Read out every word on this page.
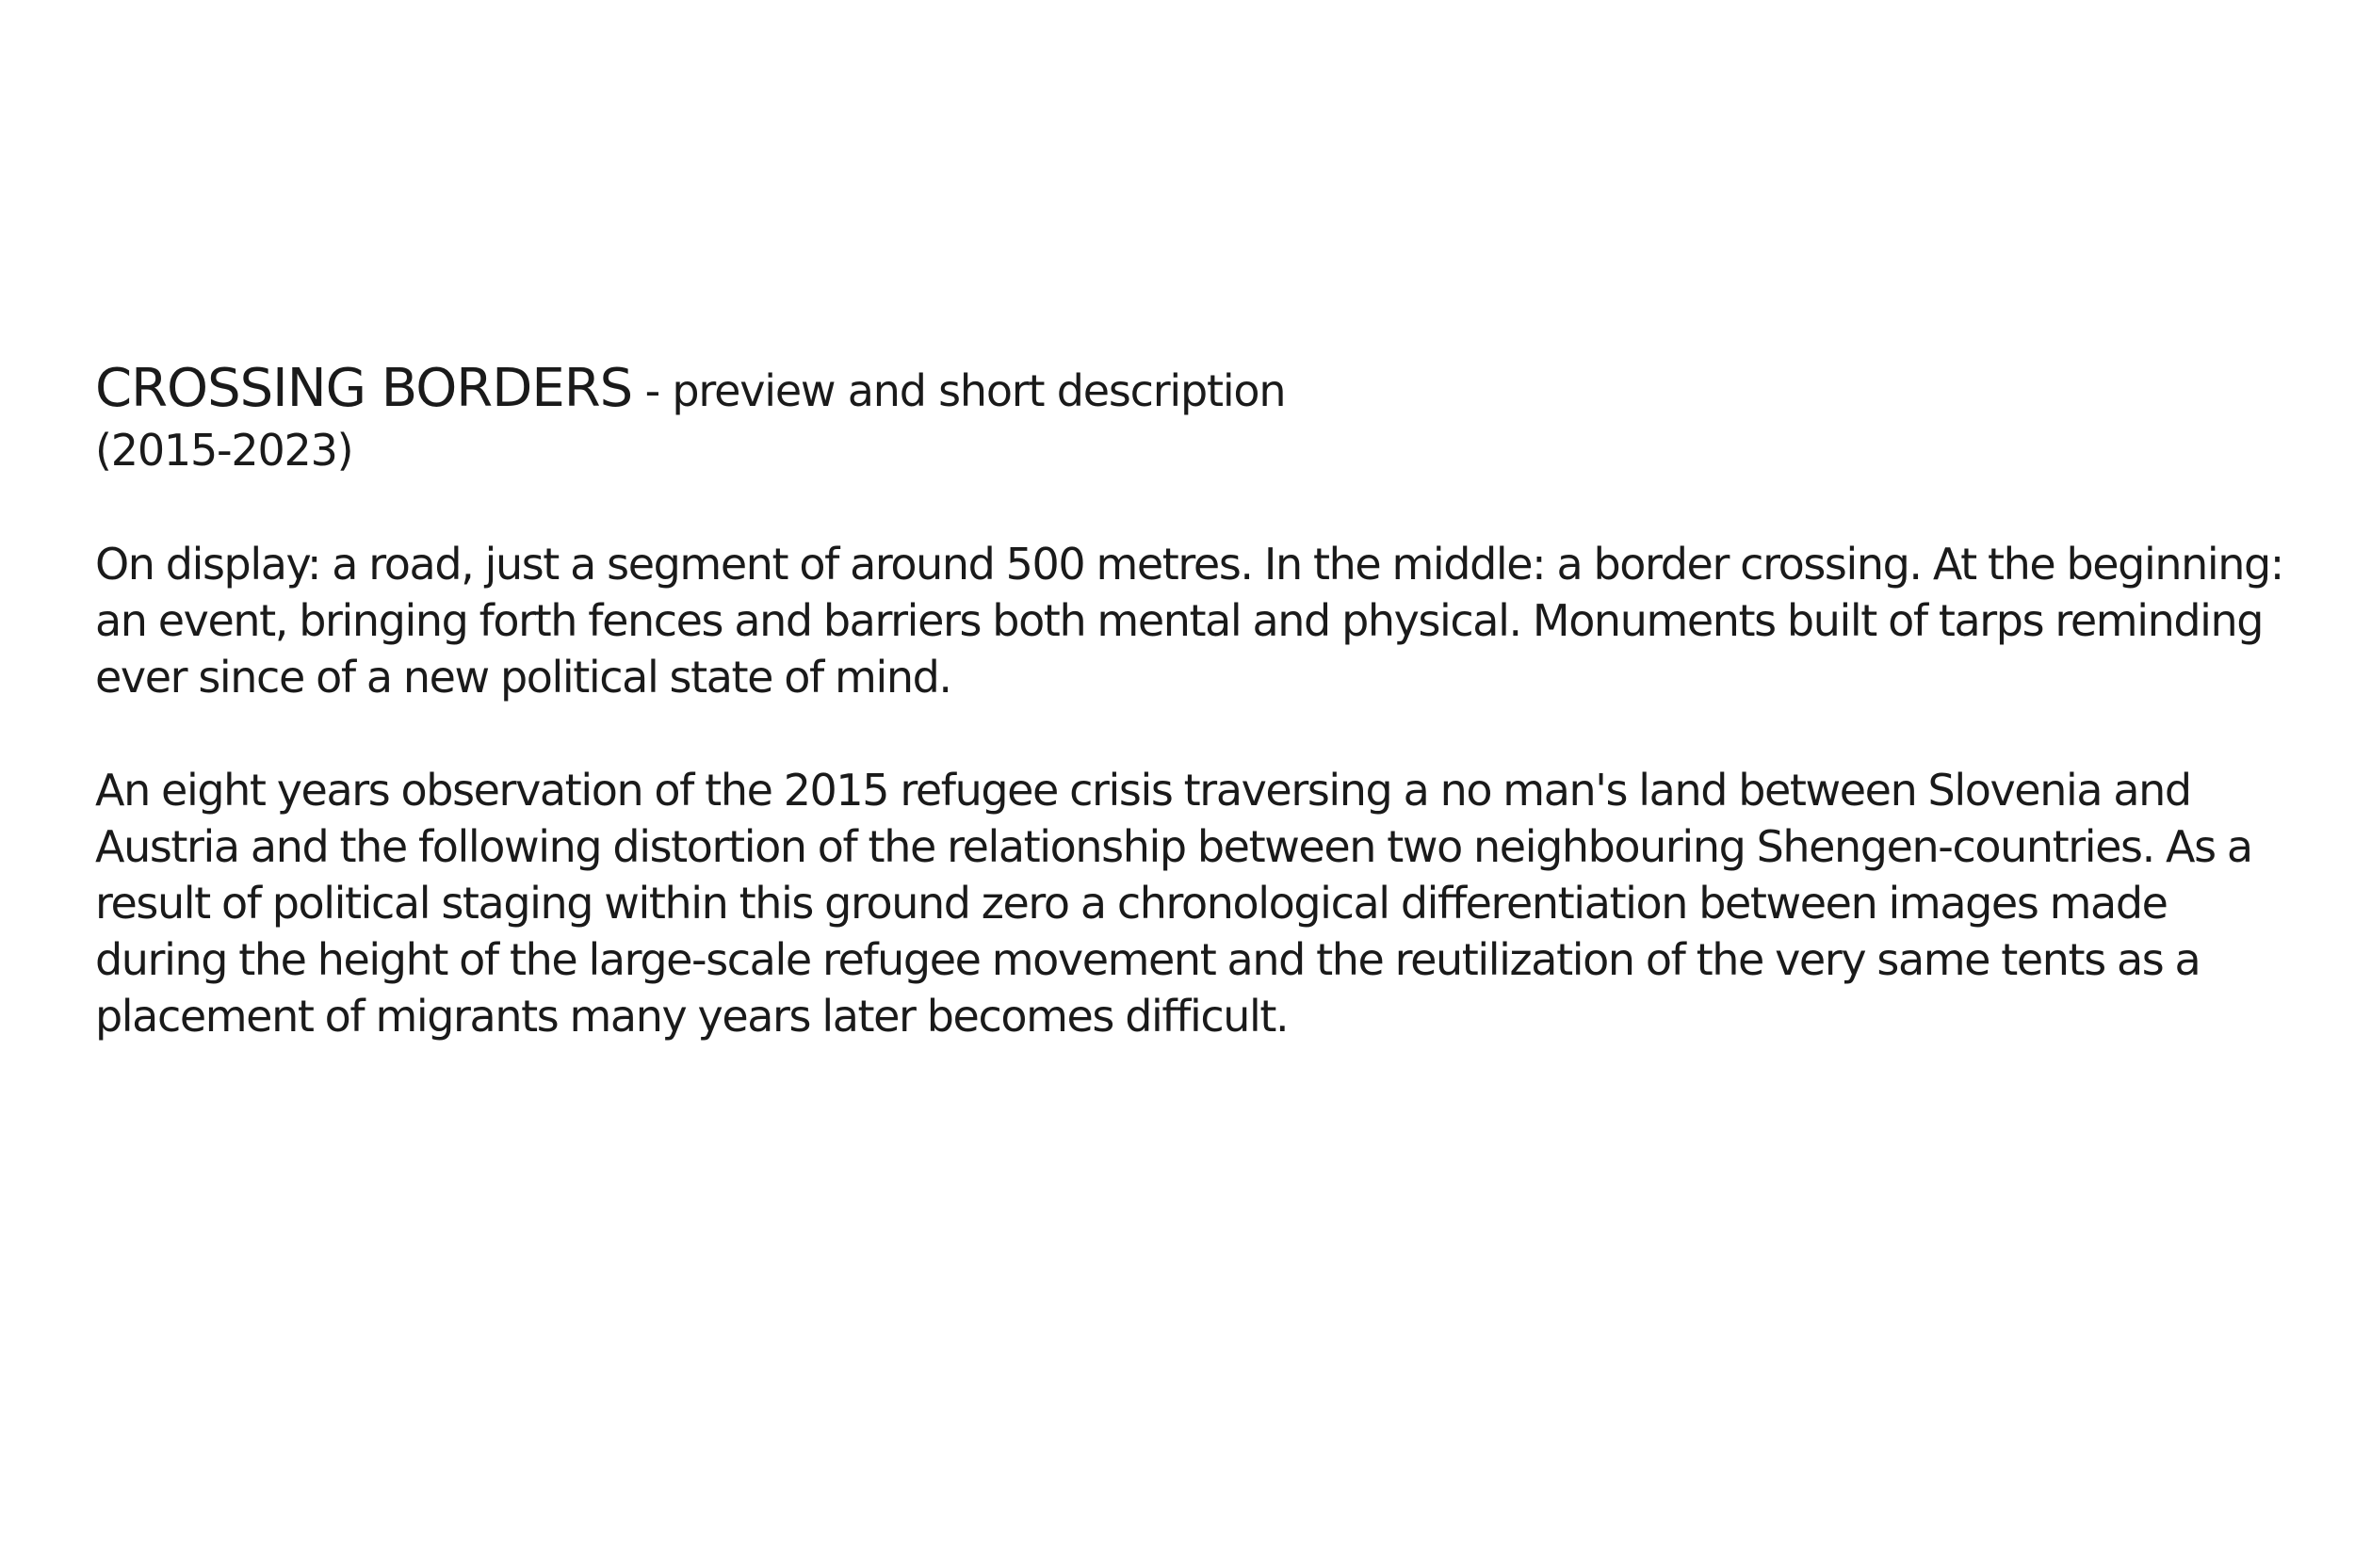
CROSSING BORDERS - preview and short description

(2015-2023)

On display: a road, just a segment of around 500 metres. In the middle: a border crossing. At the beginning: an event, bringing forth fences and barriers both mental and physical. Monuments built of tarps reminding ever since of a new political state of mind.

An eight years observation of the 2015 refugee crisis traversing a no man's land between Slovenia and Austria and the following distortion of the relationship between two neighbouring Shengen-countries. As a result of political staging within this ground zero a chronological differentiation between images made during the height of the large-scale refugee movement and the reutilization of the very same tents as a placement of migrants many years later becomes difficult.
